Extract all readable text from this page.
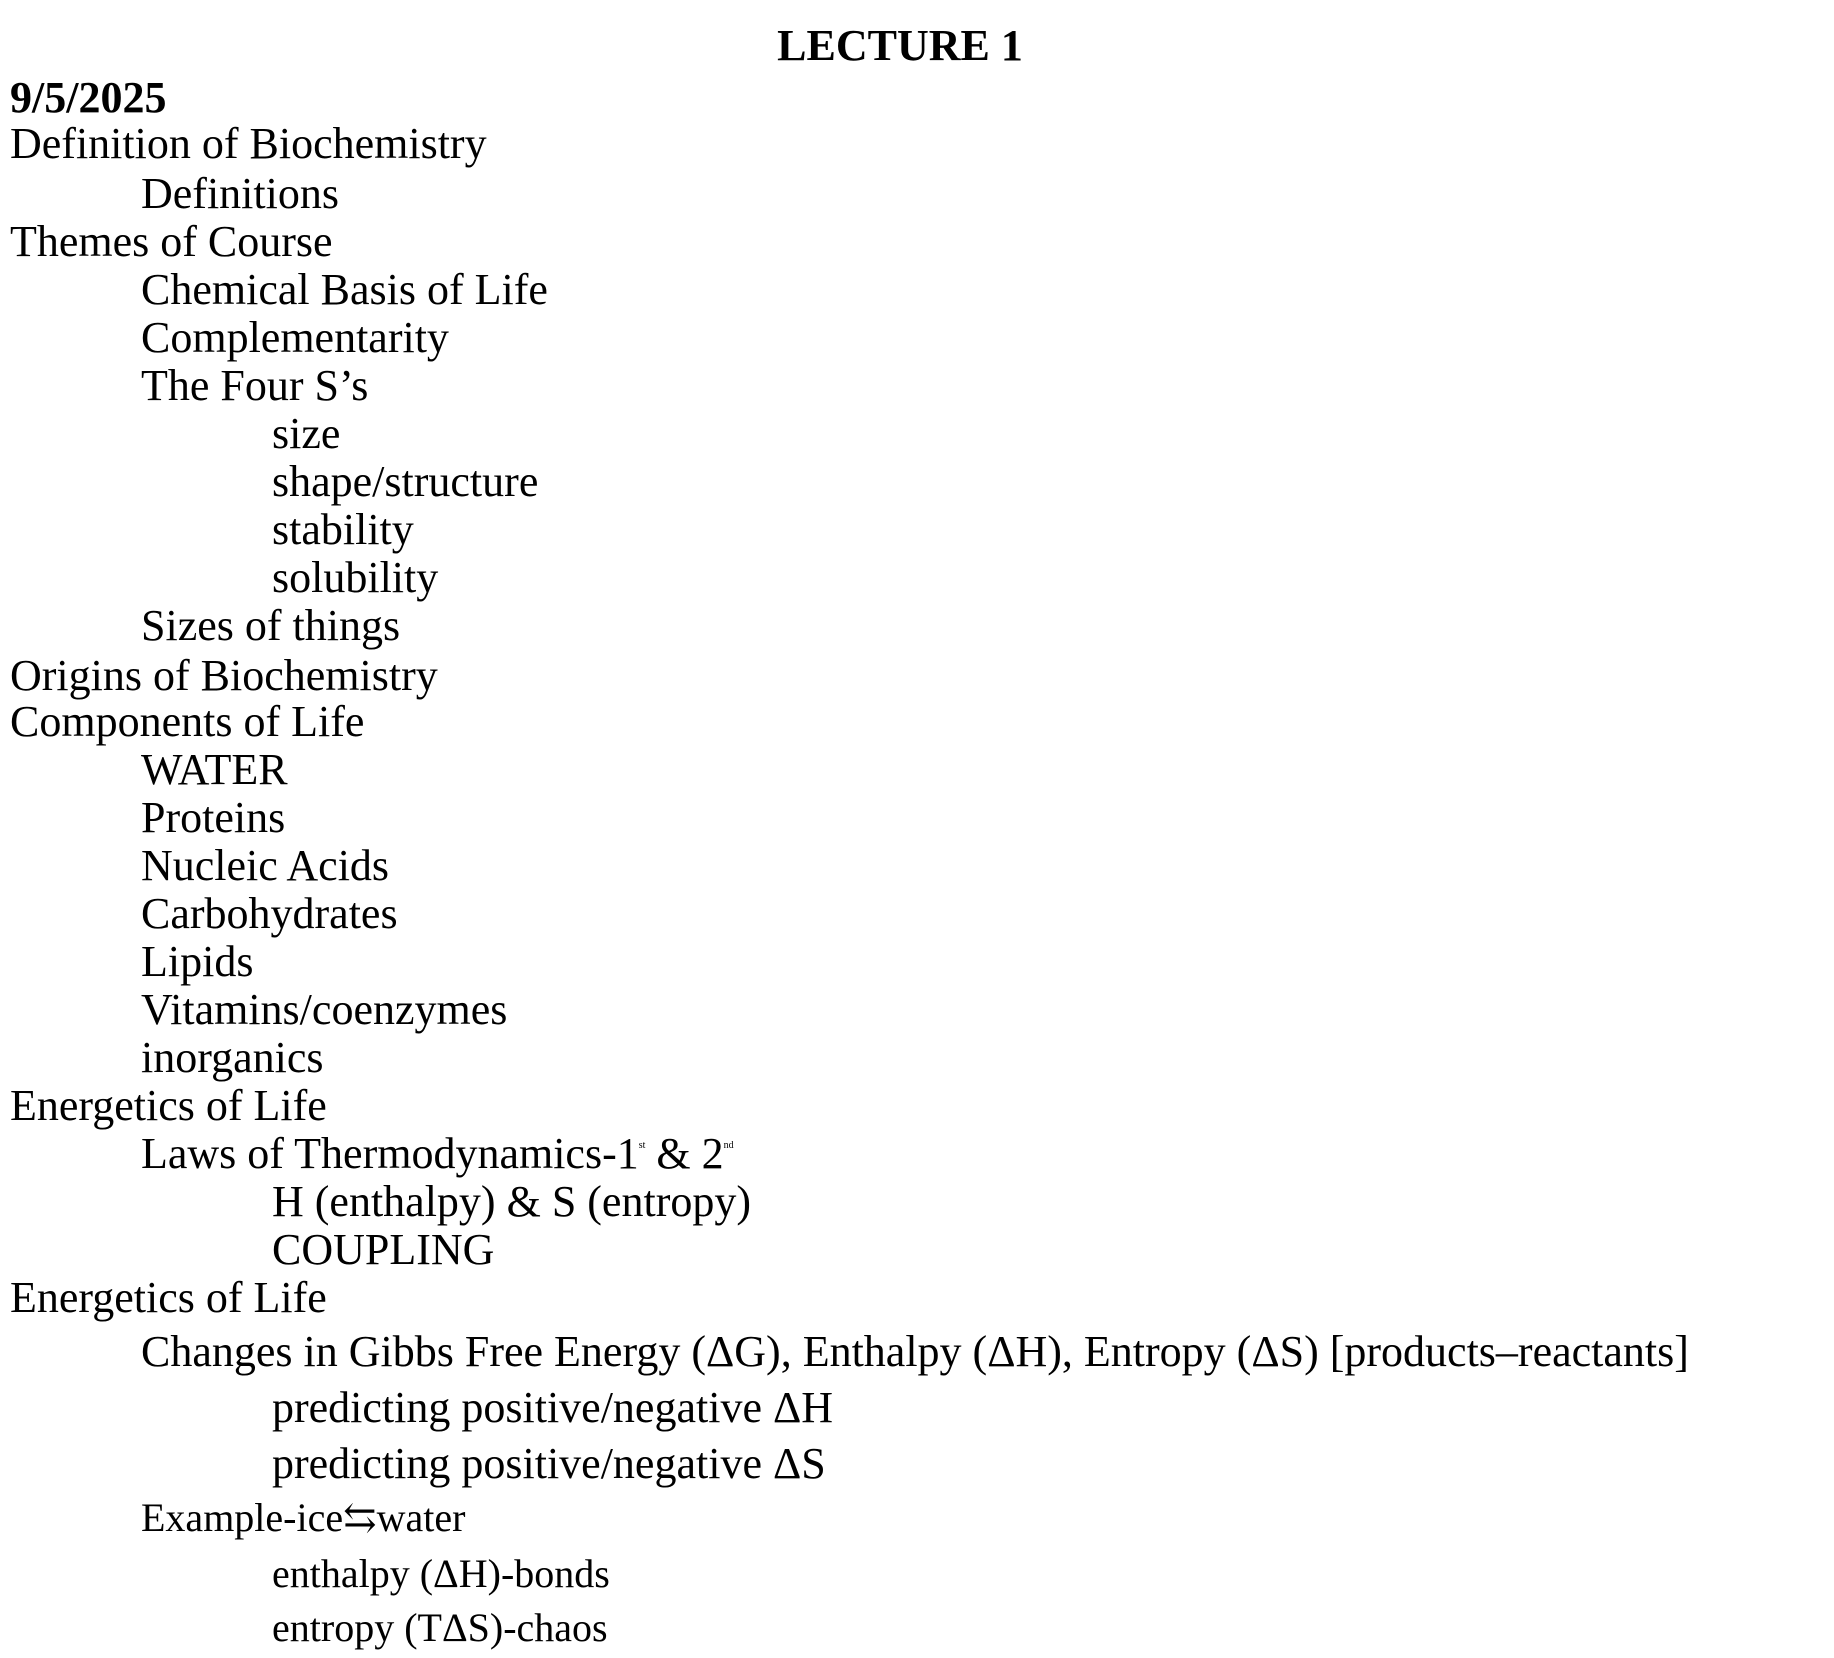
LECTURE 1
9/5/2025
Definition of Biochemistry
Definitions
Themes of Course
Chemical Basis of Life
Complementarity
The Four S’s
size
shape/structure
stability
solubility
Sizes of things
Origins of Biochemistry
Components of Life
WATER
Proteins
Nucleic Acids
Carbohydrates
Lipids
Vitamins/coenzymes
inorganics
Energetics of Life
Laws of Thermodynamics-1st & 2nd
H (enthalpy) & S (entropy)
COUPLING
Energetics of Life
Changes in Gibbs Free Energy (ΔG), Enthalpy (ΔH), Entropy (ΔS) [products–reactants]
predicting positive/negative ΔH
predicting positive/negative ΔS
Example-ice⇆water
enthalpy (ΔH)-bonds
entropy (TΔS)-chaos
